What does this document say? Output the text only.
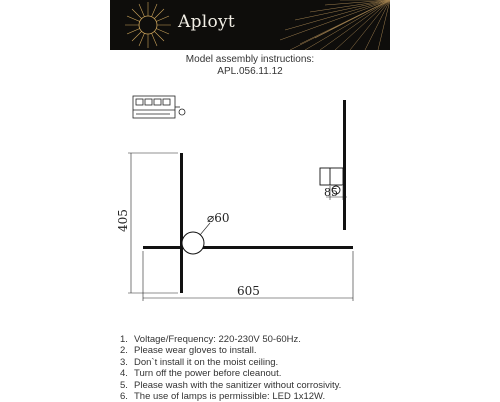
Aployt
Model assembly instructions:
APL.056.11.12
405
605
⌀60
85
1. Voltage/Frequency: 220-230V 50-60Hz.
2. Please wear gloves to install.
3. Don`t install it on the moist ceiling.
4. Turn off the power before cleanout.
5. Please wash with the sanitizer without corrosivity.
6. The use of lamps is permissible: LED 1x12W.
